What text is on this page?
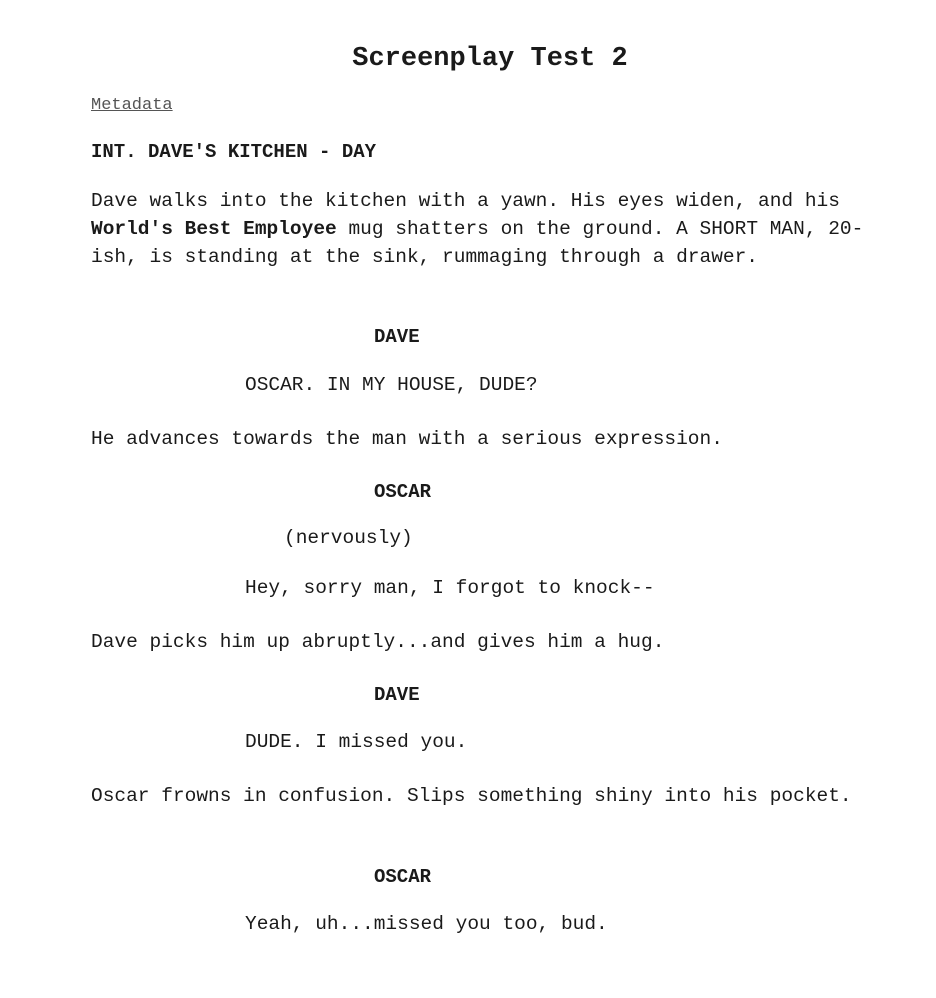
Screenplay Test 2
Metadata
INT. DAVE'S KITCHEN - DAY

Dave walks into the kitchen with a yawn. His eyes widen, and his World's Best Employee mug shatters on the ground. A SHORT MAN, 20-ish, is standing at the sink, rummaging through a drawer.

DAVE
OSCAR. IN MY HOUSE, DUDE?

He advances towards the man with a serious expression.

OSCAR
(nervously)
Hey, sorry man, I forgot to knock--

Dave picks him up abruptly...and gives him a hug.

DAVE
DUDE. I missed you.

Oscar frowns in confusion. Slips something shiny into his pocket.

OSCAR
Yeah, uh...missed you too, bud.
